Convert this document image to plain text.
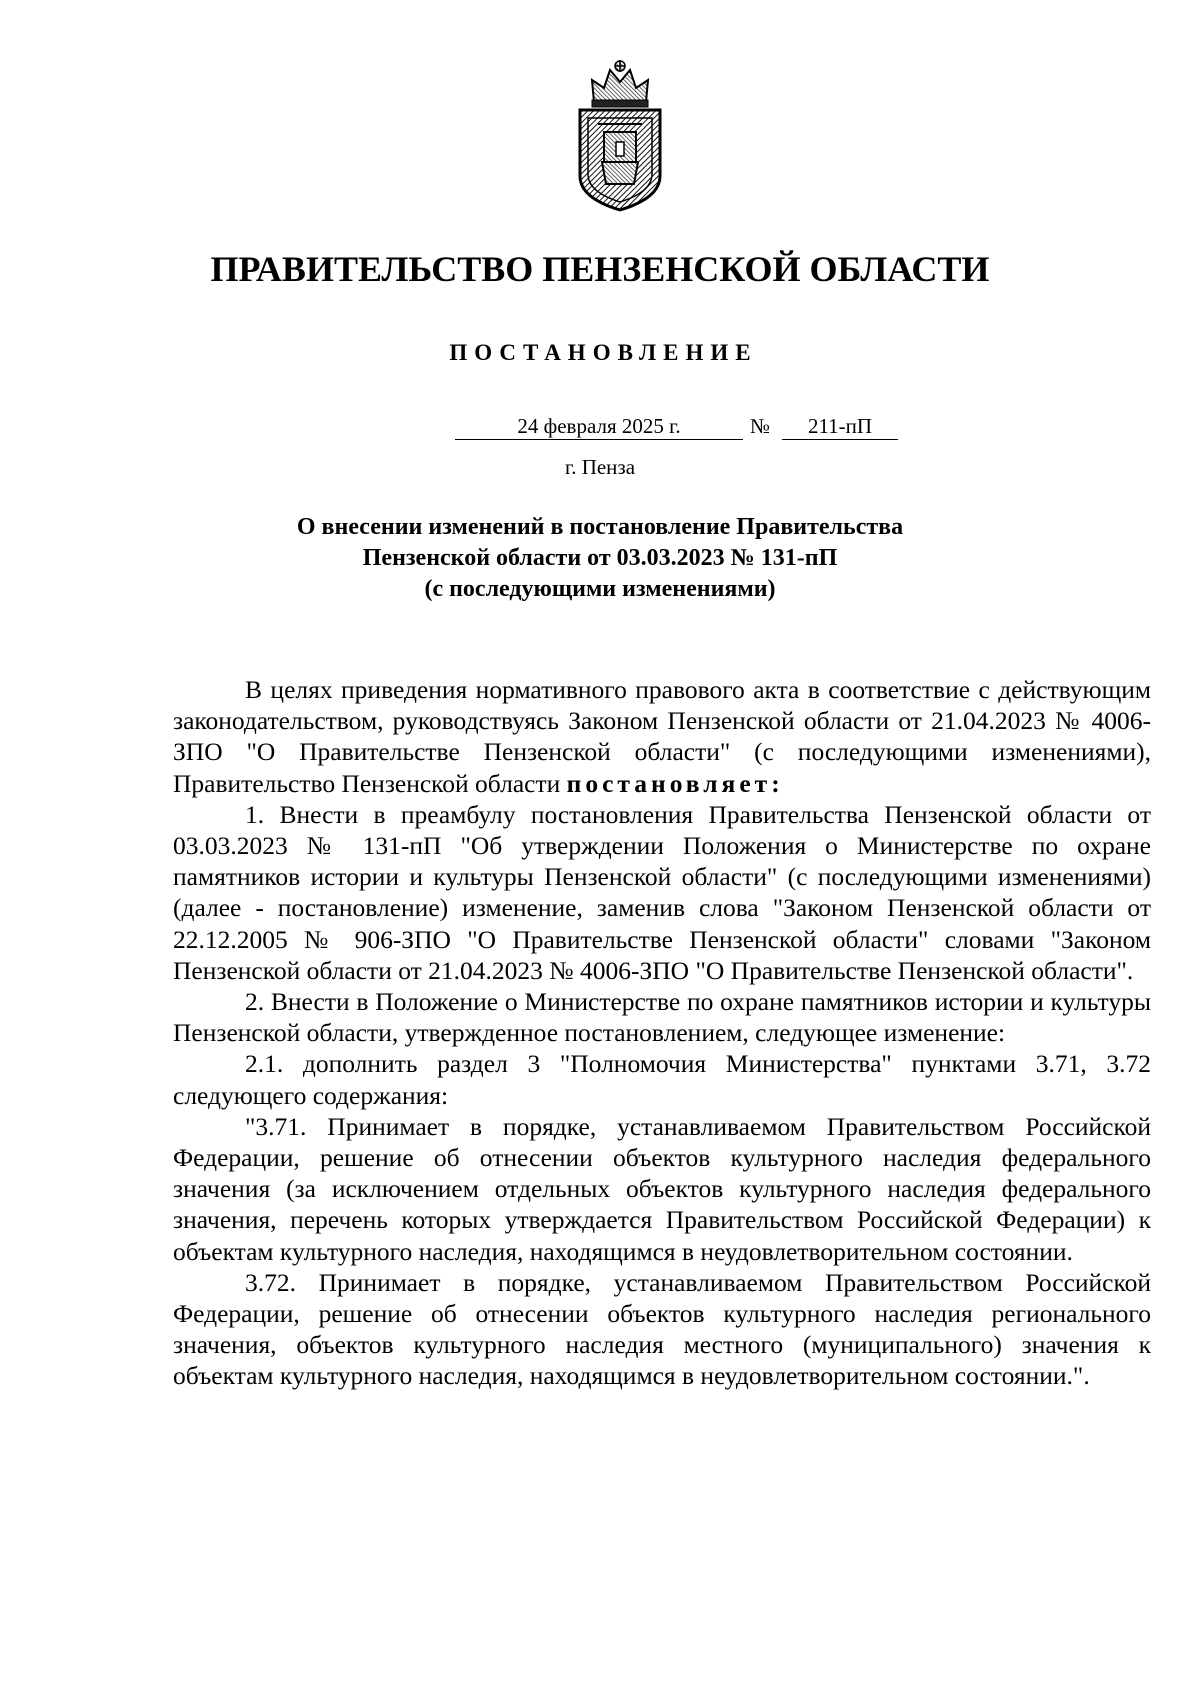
ПРАВИТЕЛЬСТВО ПЕНЗЕНСКОЙ ОБЛАСТИ
ПОСТАНОВЛЕНИЕ
24 февраля 2025 г.	№	211-пП
г. Пенза
О внесении изменений в постановление Правительства
Пензенской области от 03.03.2023 № 131-пП
(с последующими изменениями)

В целях приведения нормативного правового акта в соответствие с действующим законодательством, руководствуясь Законом Пензенской области от 21.04.2023 № 4006-ЗПО "О Правительстве Пензенской области" (с последующими изменениями), Правительство Пензенской области постановляет:

1. Внести в преамбулу постановления Правительства Пензенской области от 03.03.2023 № 131-пП "Об утверждении Положения о Министерстве по охране памятников истории и культуры Пензенской области" (с последующими изменениями) (далее - постановление) изменение, заменив слова "Законом Пензенской области от 22.12.2005 № 906-ЗПО "О Правительстве Пензенской области" словами "Законом Пензенской области от 21.04.2023 № 4006-ЗПО "О Правительстве Пензенской области".

2. Внести в Положение о Министерстве по охране памятников истории и культуры Пензенской области, утвержденное постановлением, следующее изменение:

2.1. дополнить раздел 3 "Полномочия Министерства" пунктами 3.71, 3.72 следующего содержания:

"3.71. Принимает в порядке, устанавливаемом Правительством Российской Федерации, решение об отнесении объектов культурного наследия федерального значения (за исключением отдельных объектов культурного наследия федерального значения, перечень которых утверждается Правительством Российской Федерации) к объектам культурного наследия, находящимся в неудовлетворительном состоянии.

3.72. Принимает в порядке, устанавливаемом Правительством Российской Федерации, решение об отнесении объектов культурного наследия регионального значения, объектов культурного наследия местного (муниципального) значения к объектам культурного наследия, находящимся в неудовлетворительном состоянии.".
